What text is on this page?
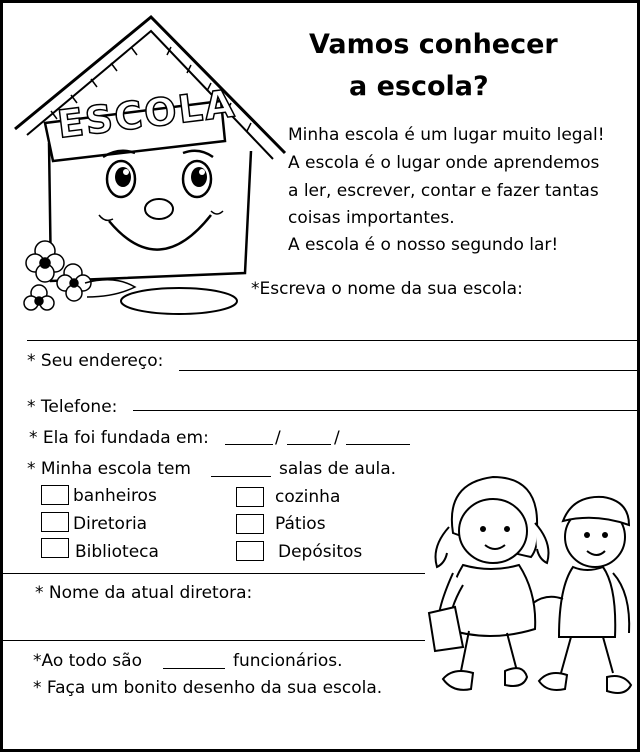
ESCOLA
Vamos conhecer
a escola?
Minha escola é um lugar muito legal!
A escola é o lugar onde aprendemos
a ler, escrever, contar e fazer tantas
coisas importantes.
A escola é o nosso segundo lar!
*Escreva o nome da sua escola:
* Seu endereço:
* Telefone:
* Ela foi fundada em:	/	/
* Minha escola tem	salas de aula.
banheiros	cozinha
Diretoria	Pátios
Biblioteca	Depósitos
* Nome da atual diretora:
*Ao todo são	funcionários.
* Faça um bonito desenho da sua escola.
